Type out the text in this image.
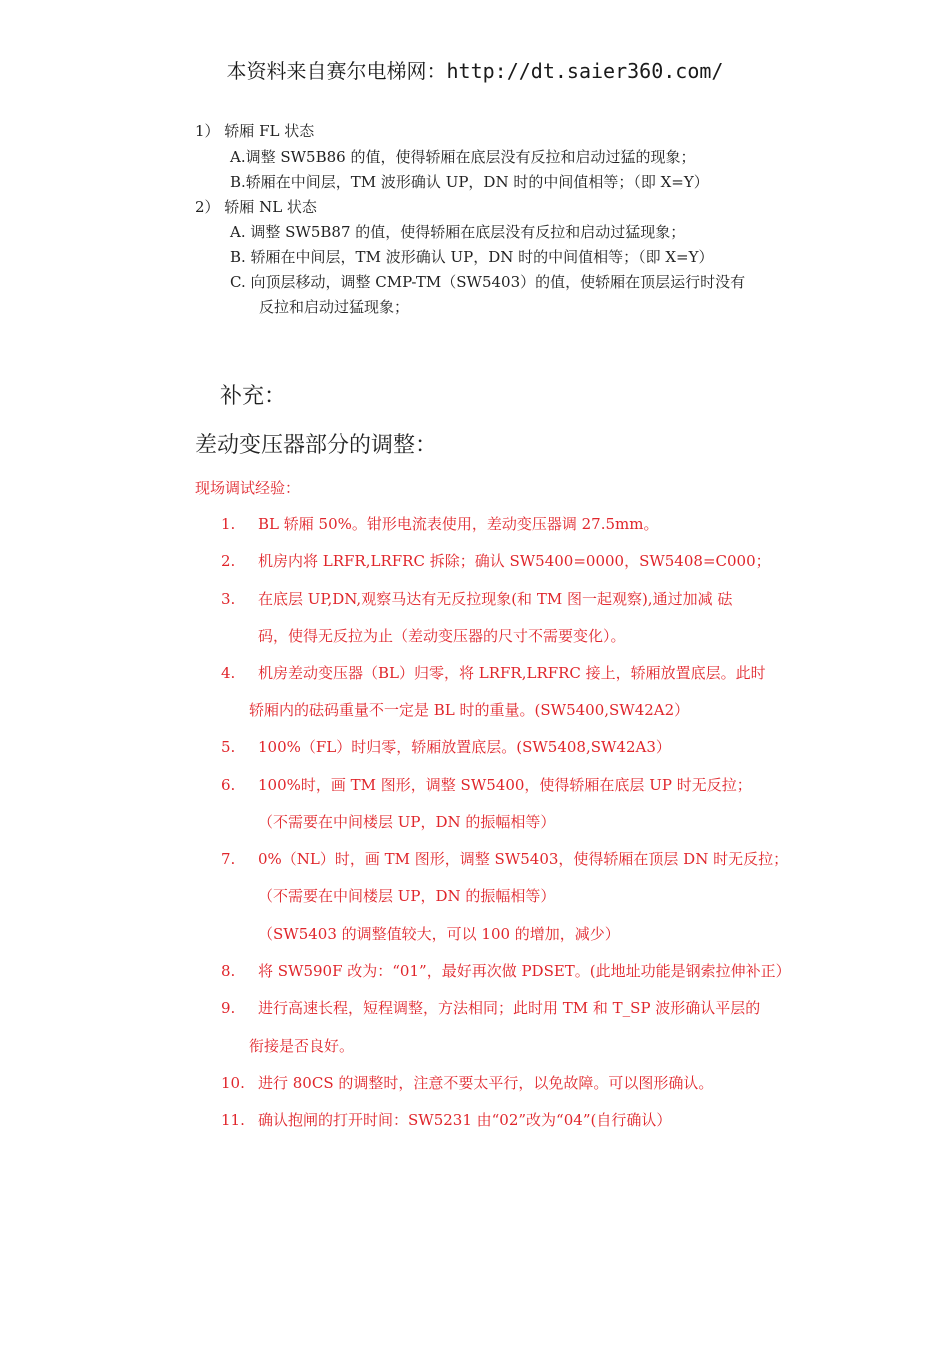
本资料来自赛尔电梯网：http://dt.saier360.com/
1） 轿厢 FL 状态
A.调整 SW5B86 的值，使得轿厢在底层没有反拉和启动过猛的现象；
B.轿厢在中间层，TM 波形确认 UP，DN 时的中间值相等；（即 X=Y）
2） 轿厢 NL 状态
A. 调整 SW5B87 的值，使得轿厢在底层没有反拉和启动过猛现象；
B. 轿厢在中间层，TM 波形确认 UP，DN 时的中间值相等；（即 X=Y）
C. 向顶层移动，调整 CMP-TM（SW5403）的值，使轿厢在顶层运行时没有
反拉和启动过猛现象；
补充：
差动变压器部分的调整：
现场调试经验：
1. BL 轿厢 50%。钳形电流表使用，差动变压器调 27.5mm。
2. 机房内将 LRFR,LRFRC 拆除；确认 SW5400=0000，SW5408=C000；
3. 在底层 UP,DN,观察马达有无反拉现象(和 TM 图一起观察),通过加减 砝
码，使得无反拉为止（差动变压器的尺寸不需要变化）。
4. 机房差动变压器（BL）归零，将 LRFR,LRFRC 接上，轿厢放置底层。此时
轿厢内的砝码重量不一定是 BL 时的重量。(SW5400,SW42A2）
5. 100%（FL）时归零，轿厢放置底层。(SW5408,SW42A3）
6. 100%时，画 TM 图形，调整 SW5400，使得轿厢在底层 UP 时无反拉；
（不需要在中间楼层 UP，DN 的振幅相等）
7. 0%（NL）时，画 TM 图形，调整 SW5403，使得轿厢在顶层 DN 时无反拉；
（不需要在中间楼层 UP，DN 的振幅相等）
（SW5403 的调整值较大，可以 100 的增加，减少）
8. 将 SW590F 改为：“01”，最好再次做 PDSET。(此地址功能是钢索拉伸补正）
9. 进行高速长程，短程调整，方法相同；此时用 TM 和 T_SP 波形确认平层的
衔接是否良好。
10. 进行 80CS 的调整时，注意不要太平行，以免故障。可以图形确认。
11. 确认抱闸的打开时间：SW5231 由“02”改为“04”(自行确认）
